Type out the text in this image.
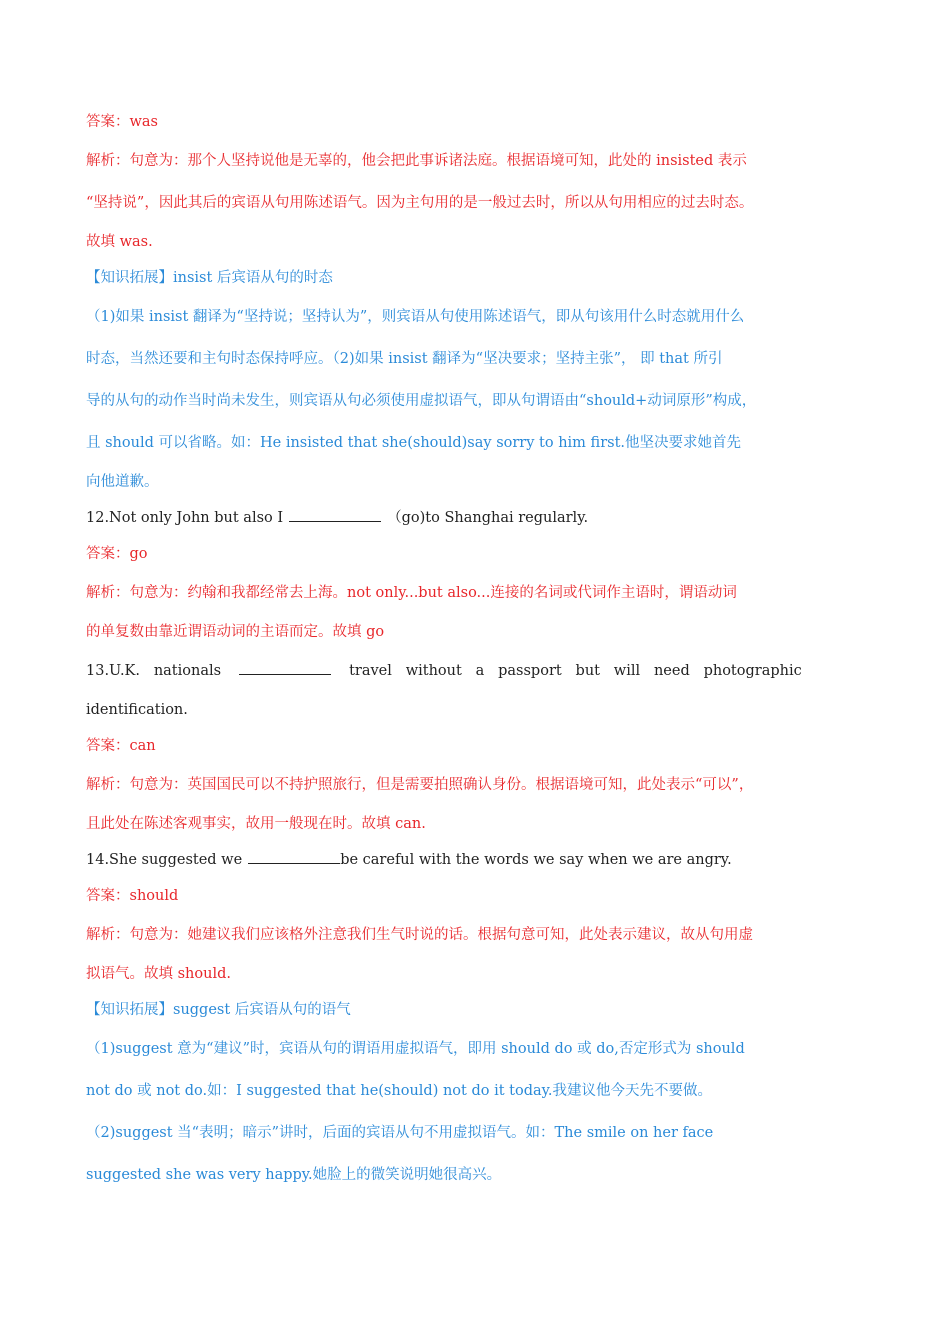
答案：was
解析：句意为：那个人坚持说他是无辜的，他会把此事诉诸法庭。根据语境可知，此处的 insisted 表示
“坚持说”，因此其后的宾语从句用陈述语气。因为主句用的是一般过去时，所以从句用相应的过去时态。
故填 was.
【知识拓展】insist 后宾语从句的时态
（1)如果 insist 翻译为“坚持说；坚持认为”，则宾语从句使用陈述语气，即从句该用什么时态就用什么
时态，当然还要和主句时态保持呼应。（2)如果 insist 翻译为“坚决要求；坚持主张”， 即 that 所引
导的从句的动作当时尚未发生，则宾语从句必须使用虚拟语气，即从句谓语由“should+动词原形”构成，
且 should 可以省略。如：He insisted that she(should)say sorry to him first.他坚决要求她首先
向他道歉。
12.Not only John but also I	（go)to Shanghai regularly.
答案：go
解析：句意为：约翰和我都经常去上海。not only...but also...连接的名词或代词作主语时，谓语动词
的单复数由靠近谓语动词的主语而定。故填 go
13.U.K.   nationals	travel   without   a   passport   but   will   need   photographic
identification.
答案：can
解析：句意为：英国国民可以不持护照旅行，但是需要拍照确认身份。根据语境可知，此处表示“可以”，
且此处在陈述客观事实，故用一般现在时。故填 can.
14.She suggested we	be careful with the words we say when we are angry.
答案：should
解析：句意为：她建议我们应该格外注意我们生气时说的话。根据句意可知，此处表示建议，故从句用虚
拟语气。故填 should.
【知识拓展】suggest 后宾语从句的语气
（1)suggest 意为“建议”时，宾语从句的谓语用虚拟语气，即用 should do 或 do,否定形式为 should
not do 或 not do.如：I suggested that he(should) not do it today.我建议他今天先不要做。
（2)suggest 当“表明；暗示”讲时，后面的宾语从句不用虚拟语气。如：The smile on her face
suggested she was very happy.她脸上的微笑说明她很高兴。
